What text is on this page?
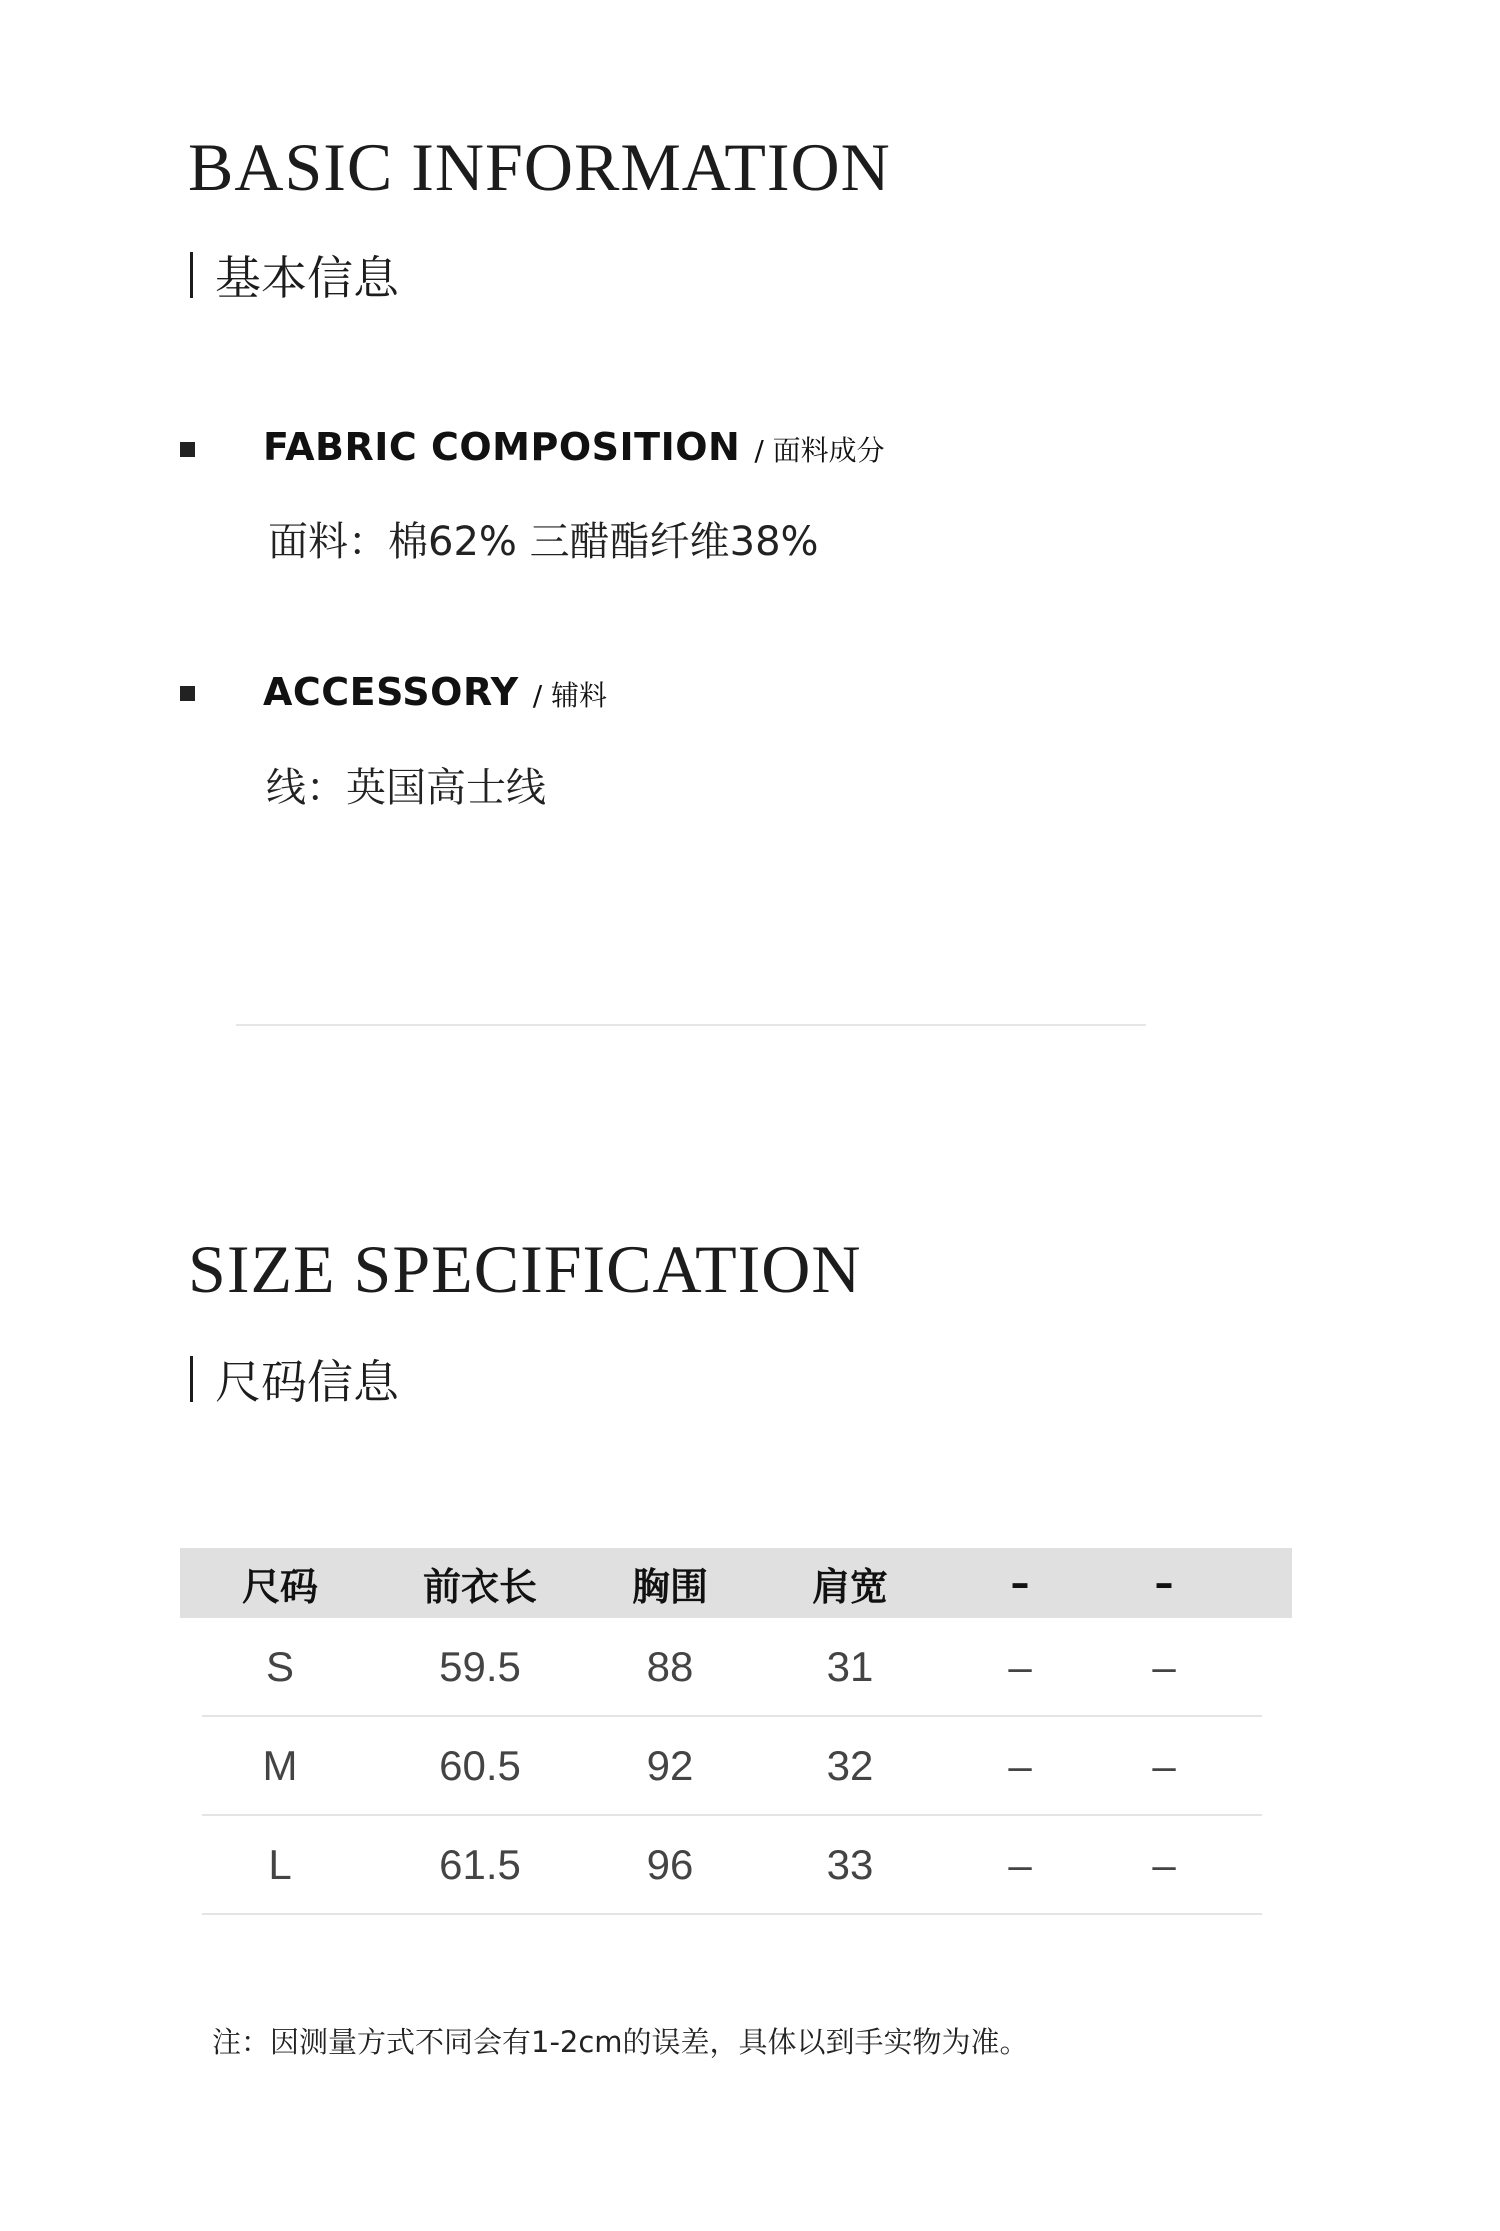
BASIC INFORMATION
基本信息
FABRIC COMPOSITION / 面料成分
面料：棉62% 三醋酯纤维38%
ACCESSORY / 辅料
线：英国高士线
SIZE SPECIFICATION
尺码信息
尺码	前衣长	胸围	肩宽	–	–
S	59.5	88	31	–	–
M	60.5	92	32	–	–
L	61.5	96	33	–	–
注：因测量方式不同会有1-2cm的误差，具体以到手实物为准。
